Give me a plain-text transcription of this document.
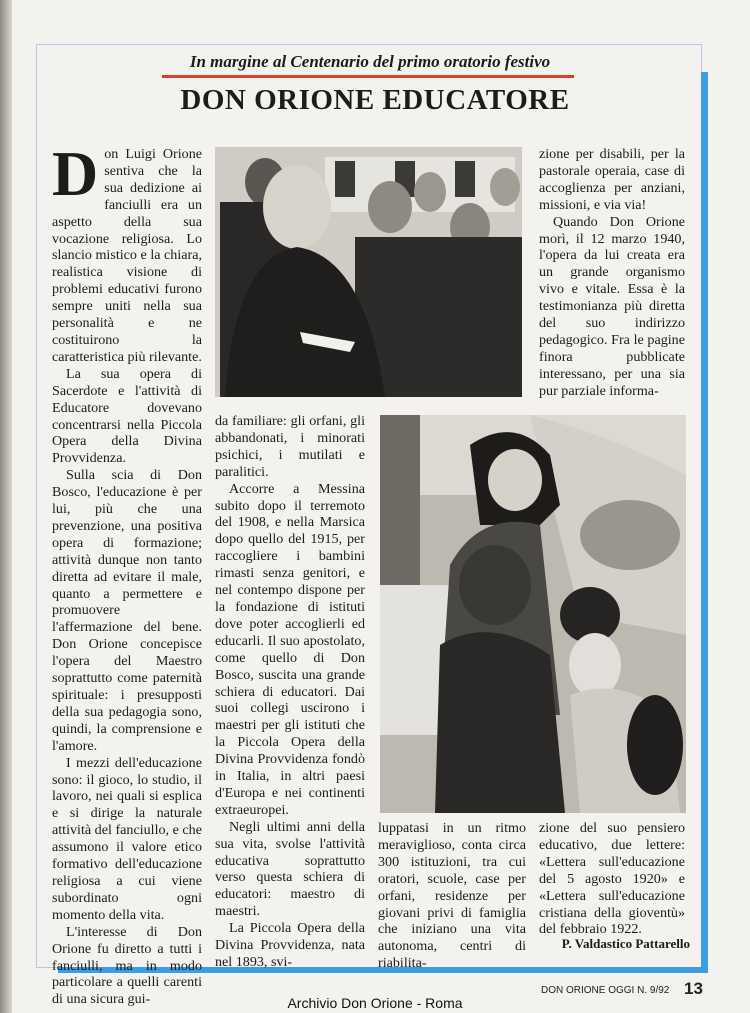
In margine al Centenario del primo oratorio festivo
DON ORIONE EDUCATORE

Don Luigi Orione sentiva che la sua dedizione ai fanciulli era un aspetto della sua vocazione religiosa. Lo slancio mistico e la chiara, realistica visione di problemi educativi furono sempre uniti nella sua personalità e ne costituirono la caratteristica più rilevante.

La sua opera di Sacerdote e l'attività di Educatore dovevano concentrarsi nella Piccola Opera della Divina Provvidenza.

Sulla scia di Don Bosco, l'educazione è per lui, più che una prevenzione, una positiva opera di formazione; attività dunque non tanto diretta ad evitare il male, quanto a permettere e promuovere l'affermazione del bene. Don Orione concepisce l'opera del Maestro soprattutto come paternità spirituale: i presupposti della sua pedagogia sono, quindi, la comprensione e l'amore.

I mezzi dell'educazione sono: il gioco, lo studio, il lavoro, nei quali si esplica e si dirige la naturale attività del fanciullo, e che assumono il valore etico formativo dell'educazione religiosa a cui viene subordinato ogni momento della vita.

L'interesse di Don Orione fu diretto a tutti i fanciulli, ma in modo particolare a quelli carenti di una sicura gui-

zione per disabili, per la pastorale operaia, case di accoglienza per anziani, missioni, e via via!

Quando Don Orione morì, il 12 marzo 1940, l'opera da lui creata era un grande organismo vivo e vitale. Essa è la testimonianza più diretta del suo indirizzo pedagogico. Fra le pagine finora pubblicate interessano, per una sia pur parziale informa-

da familiare: gli orfani, gli abbandonati, i minorati psichici, i mutilati e paralitici.

Accorre a Messina subito dopo il terremoto del 1908, e nella Marsica dopo quello del 1915, per raccogliere i bambini rimasti senza genitori, e nel contempo dispone per la fondazione di istituti dove poter accoglierli ed educarli. Il suo apostolato, come quello di Don Bosco, suscita una grande schiera di educatori. Dai suoi collegi uscirono i maestri per gli istituti che la Piccola Opera della Divina Provvidenza fondò in Italia, in altri paesi d'Europa e nei continenti extraeuropei.

Negli ultimi anni della sua vita, svolse l'attività educativa soprattutto verso questa schiera di educatori: maestro di maestri.

La Piccola Opera della Divina Provvidenza, nata nel 1893, svi-

luppatasi in un ritmo meraviglioso, conta circa 300 istituzioni, tra cui oratori, scuole, case per orfani, residenze per giovani privi di famiglia che iniziano una vita autonoma, centri di riabilita-

zione del suo pensiero educativo, due lettere: «Lettera sull'educazione del 5 agosto 1920» e «Lettera sull'educazione cristiana della gioventù» del febbraio 1922.

P. Valdastico Pattarello
DON ORIONE OGGI N. 9/92 13
Archivio Don Orione - Roma
